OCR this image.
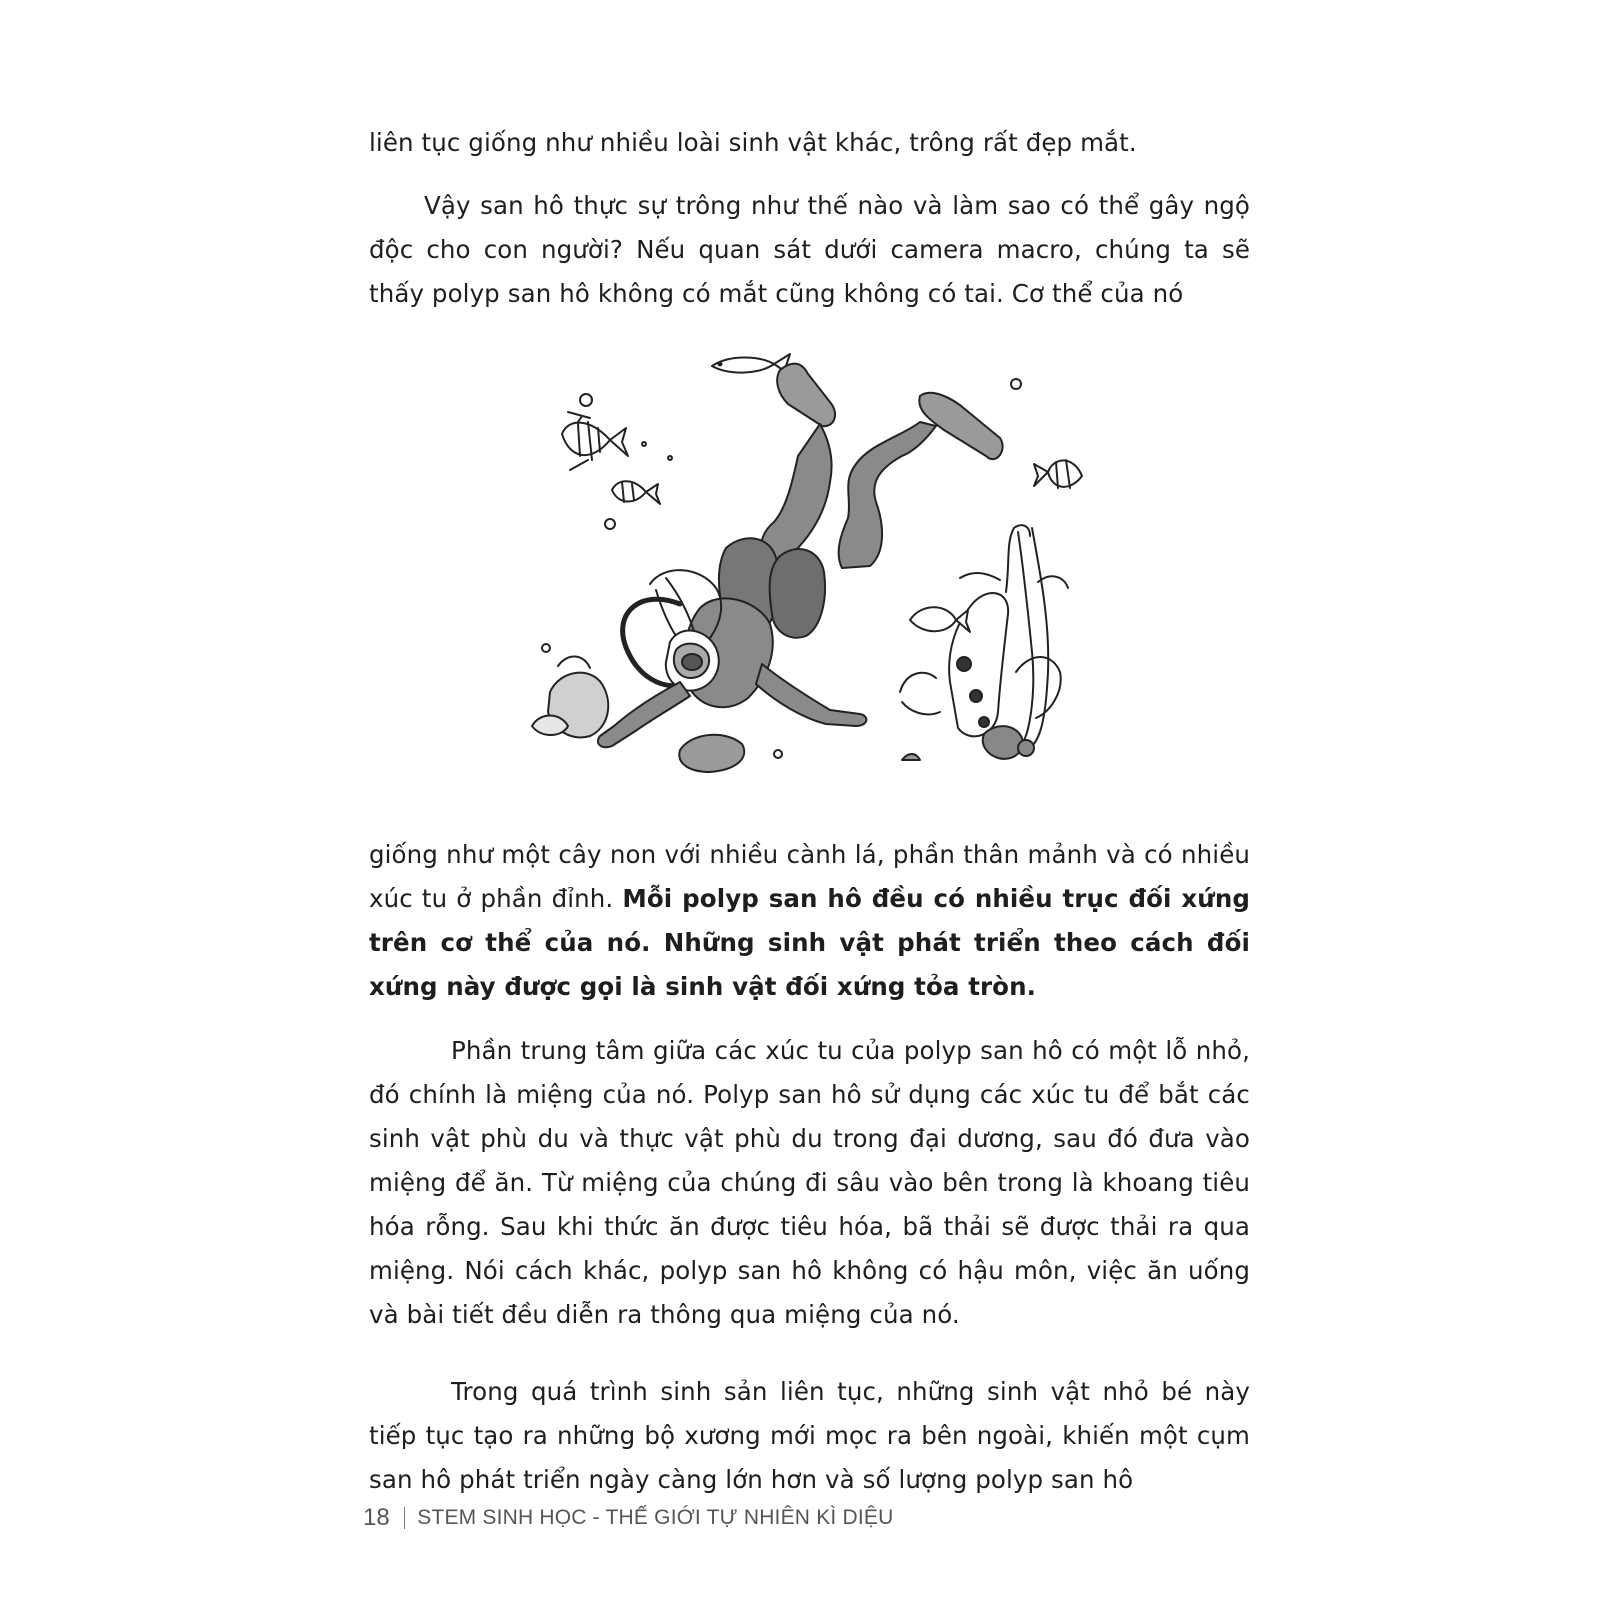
liên tục giống như nhiều loài sinh vật khác, trông rất đẹp mắt.

Vậy san hô thực sự trông như thế nào và làm sao có thể gây ngộ độc cho con người? Nếu quan sát dưới camera macro, chúng ta sẽ thấy polyp san hô không có mắt cũng không có tai. Cơ thể của nó

giống như một cây non với nhiều cành lá, phần thân mảnh và có nhiều xúc tu ở phần đỉnh. Mỗi polyp san hô đều có nhiều trục đối xứng trên cơ thể của nó. Những sinh vật phát triển theo cách đối xứng này được gọi là sinh vật đối xứng tỏa tròn.

Phần trung tâm giữa các xúc tu của polyp san hô có một lỗ nhỏ, đó chính là miệng của nó. Polyp san hô sử dụng các xúc tu để bắt các sinh vật phù du và thực vật phù du trong đại dương, sau đó đưa vào miệng để ăn. Từ miệng của chúng đi sâu vào bên trong là khoang tiêu hóa rỗng. Sau khi thức ăn được tiêu hóa, bã thải sẽ được thải ra qua miệng. Nói cách khác, polyp san hô không có hậu môn, việc ăn uống và bài tiết đều diễn ra thông qua miệng của nó.

Trong quá trình sinh sản liên tục, những sinh vật nhỏ bé này tiếp tục tạo ra những bộ xương mới mọc ra bên ngoài, khiến một cụm san hô phát triển ngày càng lớn hơn và số lượng polyp san hô

18 STEM SINH HỌC - THẾ GIỚI TỰ NHIÊN KÌ DIỆU
